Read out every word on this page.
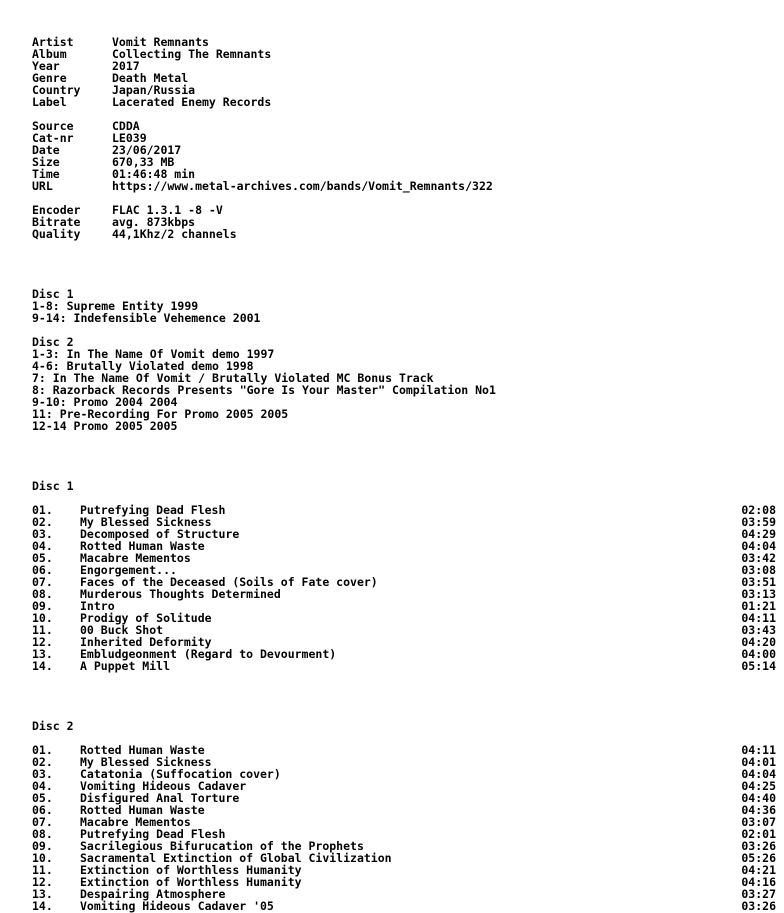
Artist	Vomit Remnants
Album	Collecting The Remnants
Year	2017
Genre	Death Metal
Country	Japan/Russia
Label	Lacerated Enemy Records
Source	CDDA
Cat-nr	LE039
Date	23/06/2017
Size	670,33 MB
Time	01:46:48 min
URL	https://www.metal-archives.com/bands/Vomit_Remnants/322
Encoder	FLAC 1.3.1 -8 -V
Bitrate	avg. 873kbps
Quality	44,1Khz/2 channels
Disc 1
1-8: Supreme Entity 1999
9-14: Indefensible Vehemence 2001
Disc 2
1-3: In The Name Of Vomit demo 1997
4-6: Brutally Violated demo 1998
7: In The Name Of Vomit / Brutally Violated MC Bonus Track
8: Razorback Records Presents "Gore Is Your Master" Compilation No1
9-10: Promo 2004 2004
11: Pre-Recording For Promo 2005 2005
12-14 Promo 2005 2005
Disc 1
01. Putrefying Dead Flesh	02:08
02. My Blessed Sickness	03:59
03. Decomposed of Structure	04:29
04. Rotted Human Waste	04:04
05. Macabre Mementos	03:42
06. Engorgement...	03:08
07. Faces of the Deceased (Soils of Fate cover)	03:51
08. Murderous Thoughts Determined	03:13
09. Intro	01:21
10. Prodigy of Solitude	04:11
11. 00 Buck Shot	03:43
12. Inherited Deformity	04:20
13. Embludgeonment (Regard to Devourment)	04:00
14. A Puppet Mill	05:14
Disc 2
01. Rotted Human Waste	04:11
02. My Blessed Sickness	04:01
03. Catatonia (Suffocation cover)	04:04
04. Vomiting Hideous Cadaver	04:25
05. Disfigured Anal Torture	04:40
06. Rotted Human Waste	04:36
07. Macabre Mementos	03:07
08. Putrefying Dead Flesh	02:01
09. Sacrilegious Bifurucation of the Prophets	03:26
10. Sacramental Extinction of Global Civilization	05:26
11. Extinction of Worthless Humanity	04:21
12. Extinction of Worthless Humanity	04:16
13. Despairing Atmosphere	03:27
14. Vomiting Hideous Cadaver '05	03:26
